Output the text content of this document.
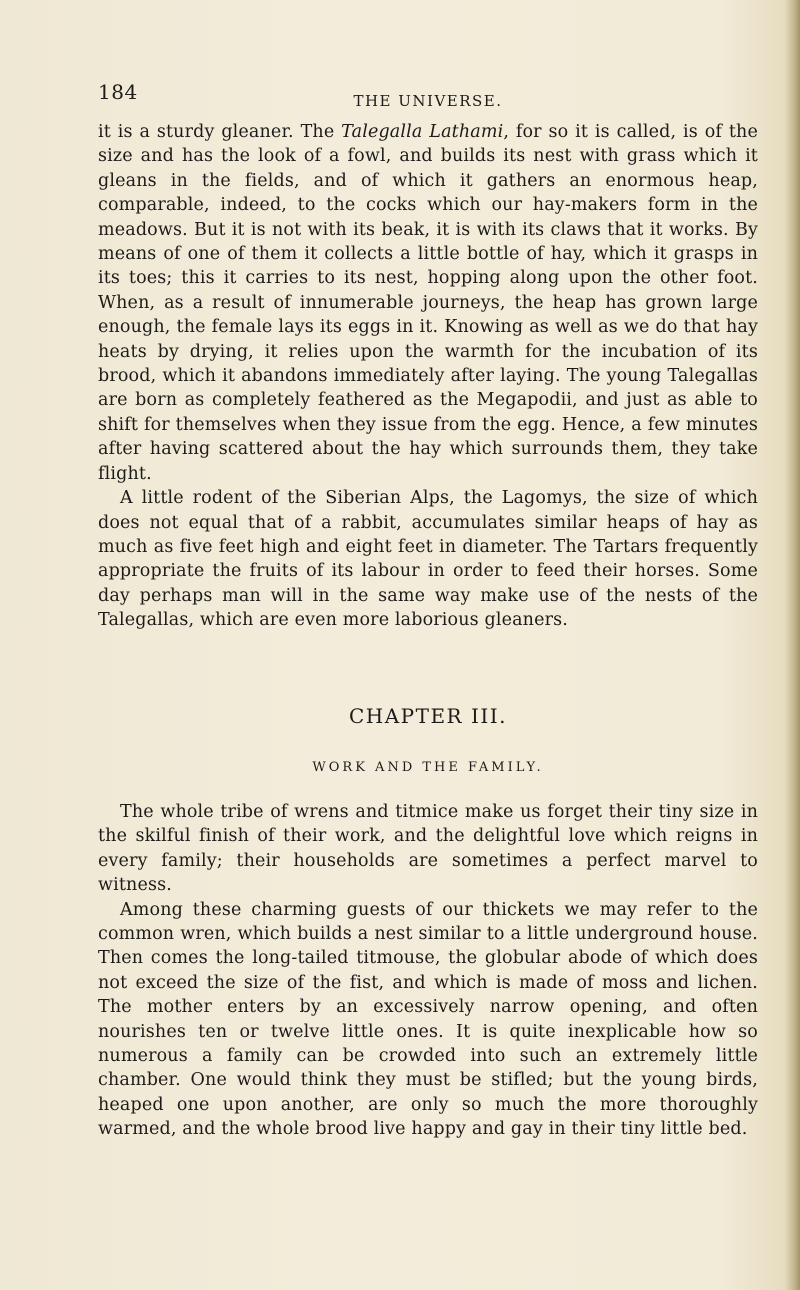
184	THE UNIVERSE.

it is a sturdy gleaner. The Talegalla Lathami, for so it is called, is of the size and has the look of a fowl, and builds its nest with grass which it gleans in the fields, and of which it gathers an enormous heap, comparable, indeed, to the cocks which our hay-makers form in the meadows. But it is not with its beak, it is with its claws that it works. By means of one of them it collects a little bottle of hay, which it grasps in its toes; this it carries to its nest, hopping along upon the other foot. When, as a result of innumerable journeys, the heap has grown large enough, the female lays its eggs in it. Knowing as well as we do that hay heats by drying, it relies upon the warmth for the incubation of its brood, which it abandons immediately after laying. The young Talegallas are born as completely feathered as the Megapodii, and just as able to shift for themselves when they issue from the egg. Hence, a few minutes after having scattered about the hay which surrounds them, they take flight.

A little rodent of the Siberian Alps, the Lagomys, the size of which does not equal that of a rabbit, accumulates similar heaps of hay as much as five feet high and eight feet in diameter. The Tartars frequently appropriate the fruits of its labour in order to feed their horses. Some day perhaps man will in the same way make use of the nests of the Talegallas, which are even more laborious gleaners.

CHAPTER III.
WORK AND THE FAMILY.

The whole tribe of wrens and titmice make us forget their tiny size in the skilful finish of their work, and the delightful love which reigns in every family; their households are sometimes a perfect marvel to witness.

Among these charming guests of our thickets we may refer to the common wren, which builds a nest similar to a little underground house. Then comes the long-tailed titmouse, the globular abode of which does not exceed the size of the fist, and which is made of moss and lichen. The mother enters by an excessively narrow opening, and often nourishes ten or twelve little ones. It is quite inexplicable how so numerous a family can be crowded into such an extremely little chamber. One would think they must be stifled; but the young birds, heaped one upon another, are only so much the more thoroughly warmed, and the whole brood live happy and gay in their tiny little bed.
